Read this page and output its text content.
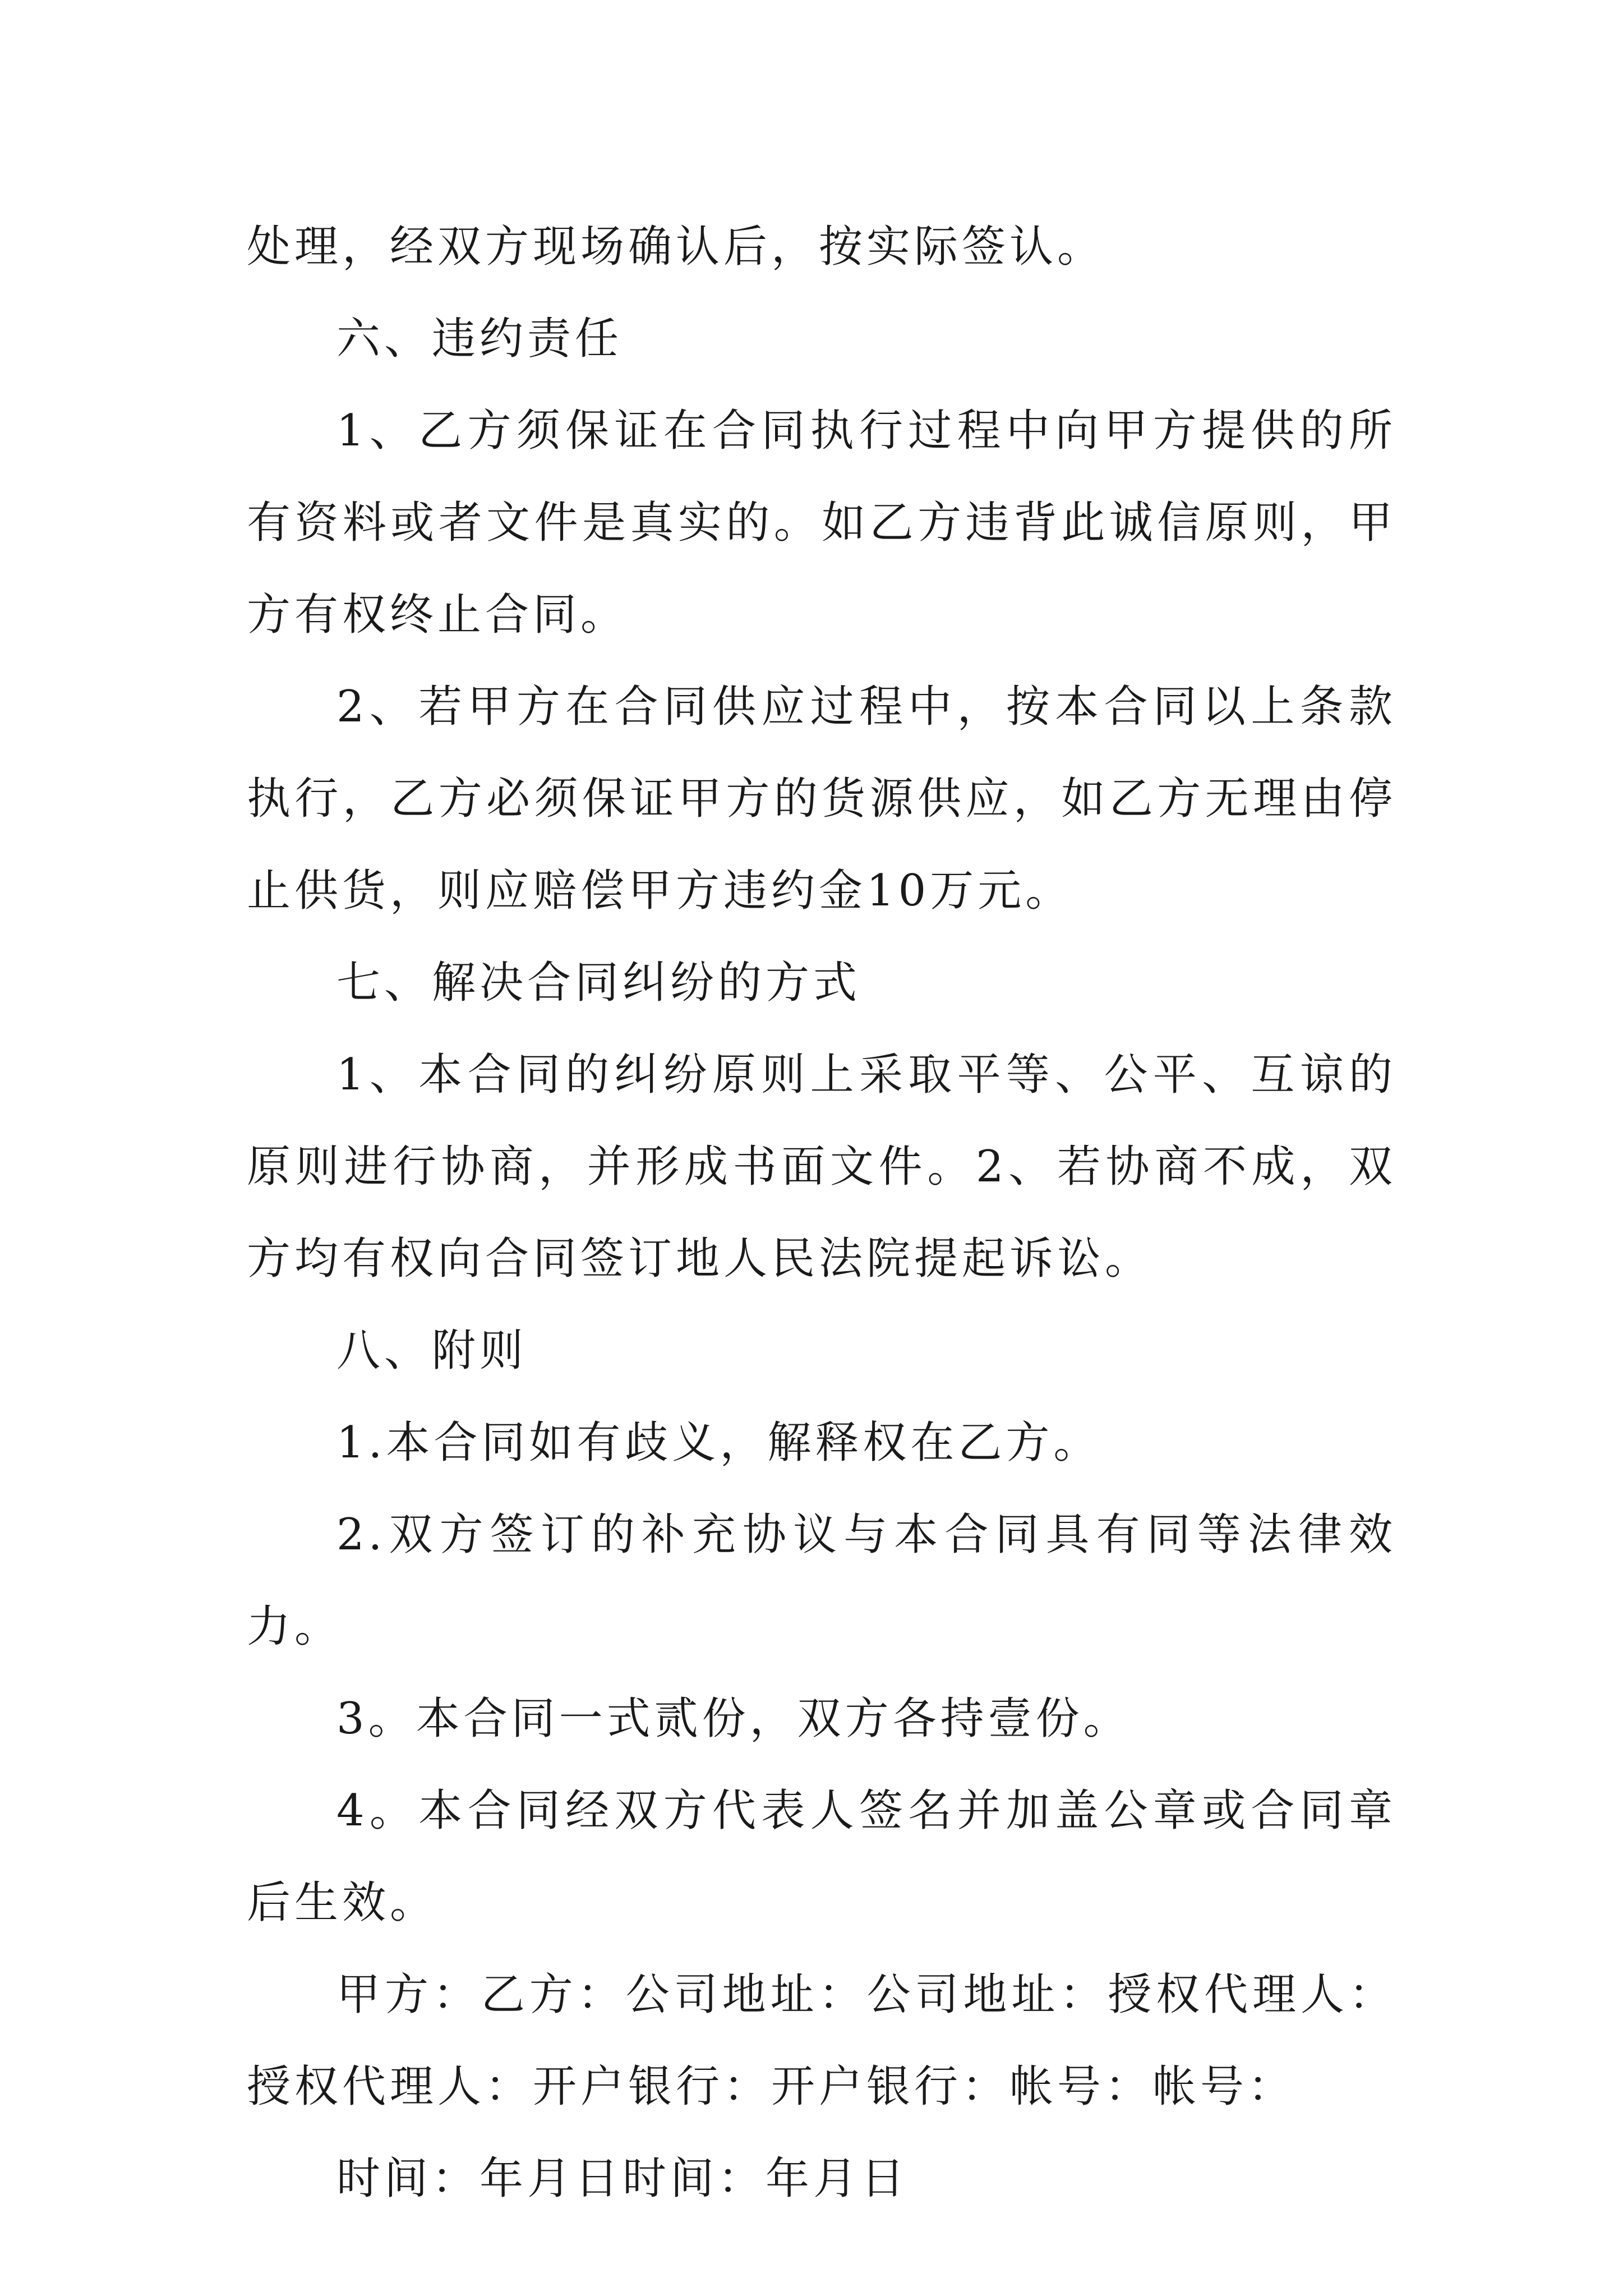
处理，经双方现场确认后，按实际签认。

六、违约责任

1、乙方须保证在合同执行过程中向甲方提供的所有资料或者文件是真实的。如乙方违背此诚信原则，甲方有权终止合同。

2、若甲方在合同供应过程中，按本合同以上条款执行，乙方必须保证甲方的货源供应，如乙方无理由停止供货，则应赔偿甲方违约金10万元。

七、解决合同纠纷的方式

1、本合同的纠纷原则上采取平等、公平、互谅的原则进行协商，并形成书面文件。2、若协商不成，双方均有权向合同签订地人民法院提起诉讼。

八、附则

1.本合同如有歧义，解释权在乙方。

2.双方签订的补充协议与本合同具有同等法律效力。

3。本合同一式贰份，双方各持壹份。

4。本合同经双方代表人签名并加盖公章或合同章后生效。

甲方：乙方：公司地址：公司地址：授权代理人：授权代理人：开户银行：开户银行：帐号：帐号：

时间：年月日时间：年月日
